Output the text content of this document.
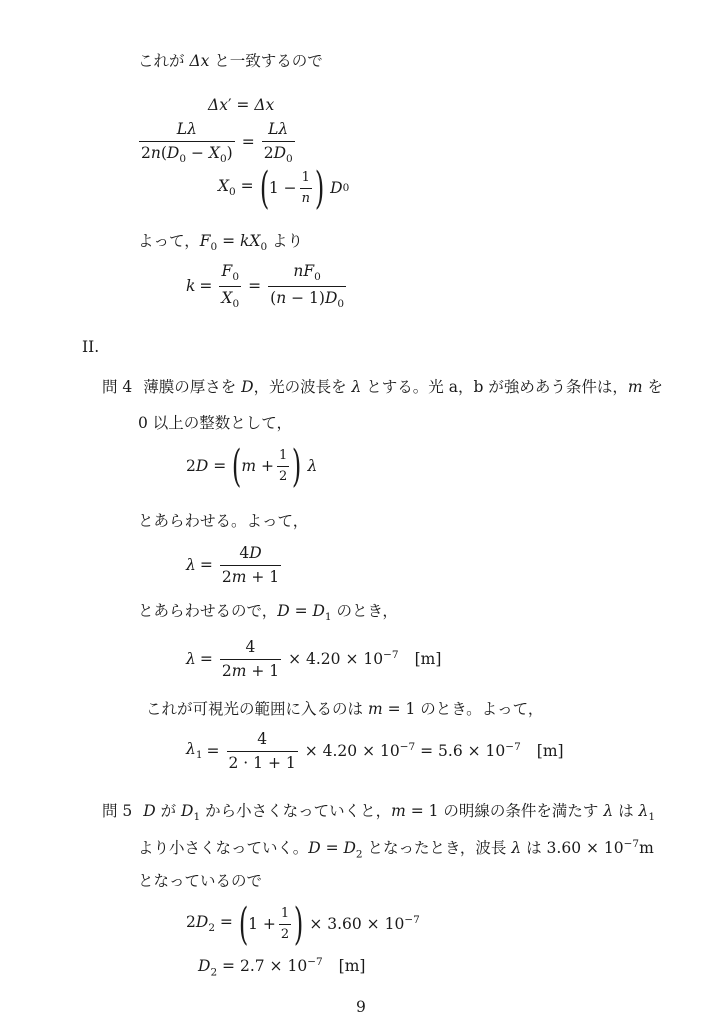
これが Δx と一致するので
Δx′ = Δx
$\frac{L\lambda}{2n(D_0 - X_0)} = \frac{L\lambda}{2D_0}$
$X_0$ = ( $1 - \frac{1}{n}$ ) D 0
よって，$F_0 = kX_0$ より
$k = \frac{F_0}{X_0} = \frac{nF_0}{(n - 1)D_0}$
II.
問 4 薄膜の厚さを D，光の波長を λ とする。光 a，b が強めあう条件は，m を
0 以上の整数として，
2D = ( $m + \frac{1}{2}$ ) λ
とあらわせる。よって，
$\lambda = \frac{4D}{2m + 1}$
とあらわせるので，$D = D_1$ のとき，
$\lambda = \frac{4}{2m + 1} \times 4.20 \times 10^{-7}$ [m]
これが可視光の範囲に入るのは m = 1 のとき。よって，
$\lambda_1 = \frac{4}{2 \cdot 1 + 1} \times 4.20 \times 10^{-7} = 5.6 \times 10^{-7}$ [m]
問 5 D が $D_1$ から小さくなっていくと，m = 1 の明線の条件を満たす λ は $\lambda_1$
より小さくなっていく。$D = D_2$ となったとき，波長 λ は $3.60 \times 10^{-7}m$
となっているので
$2D_2$ = ( $1 + \frac{1}{2}$ ) × $3.60 \times 10^{-7}$
$D_2 = 2.7 \times 10^{-7}$ [m]
9
